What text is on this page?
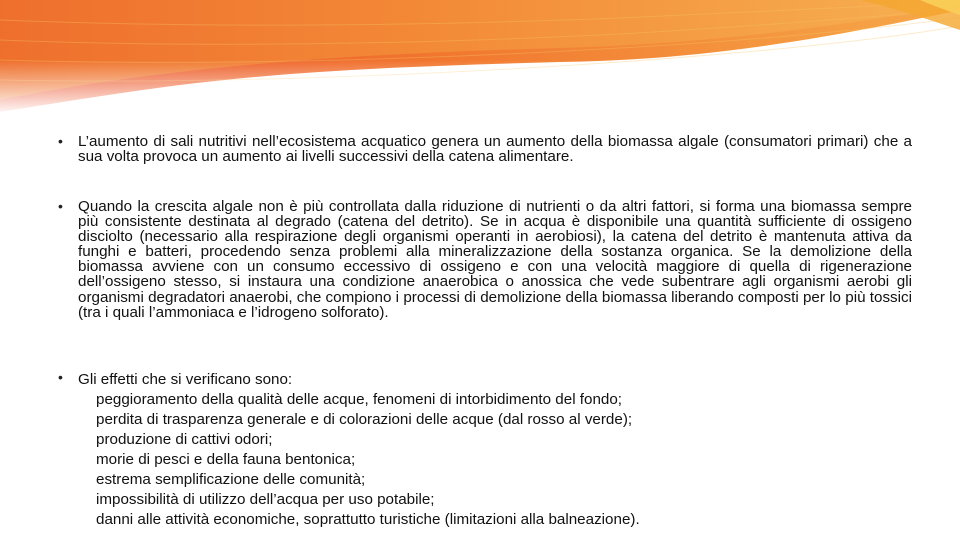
• L’aumento di sali nutritivi nell’ecosistema acquatico genera un aumento della biomassa algale (consumatori primari) che a sua volta provoca un aumento ai livelli successivi della catena alimentare.
• Quando la crescita algale non è più controllata dalla riduzione di nutrienti o da altri fattori, si forma una biomassa sempre più consistente destinata al degrado (catena del detrito). Se in acqua è disponibile una quantità sufficiente di ossigeno disciolto (necessario alla respirazione degli organismi operanti in aerobiosi), la catena del detrito è mantenuta attiva da funghi e batteri, procedendo senza problemi alla mineralizzazione della sostanza organica. Se la demolizione della biomassa avviene con un consumo eccessivo di ossigeno e con una velocità maggiore di quella di rigenerazione dell’ossigeno stesso, si instaura una condizione anaerobica o anossica che vede subentrare agli organismi aerobi gli organismi degradatori anaerobi, che compiono i processi di demolizione della biomassa liberando composti per lo più tossici (tra i quali l’ammoniaca e l’idrogeno solforato).
• Gli effetti che si verificano sono:
peggioramento della qualità delle acque, fenomeni di intorbidimento del fondo;
perdita di trasparenza generale e di colorazioni delle acque (dal rosso al verde);
produzione di cattivi odori;
morie di pesci e della fauna bentonica;
estrema semplificazione delle comunità;
impossibilità di utilizzo dell’acqua per uso potabile;
danni alle attività economiche, soprattutto turistiche (limitazioni alla balneazione).
